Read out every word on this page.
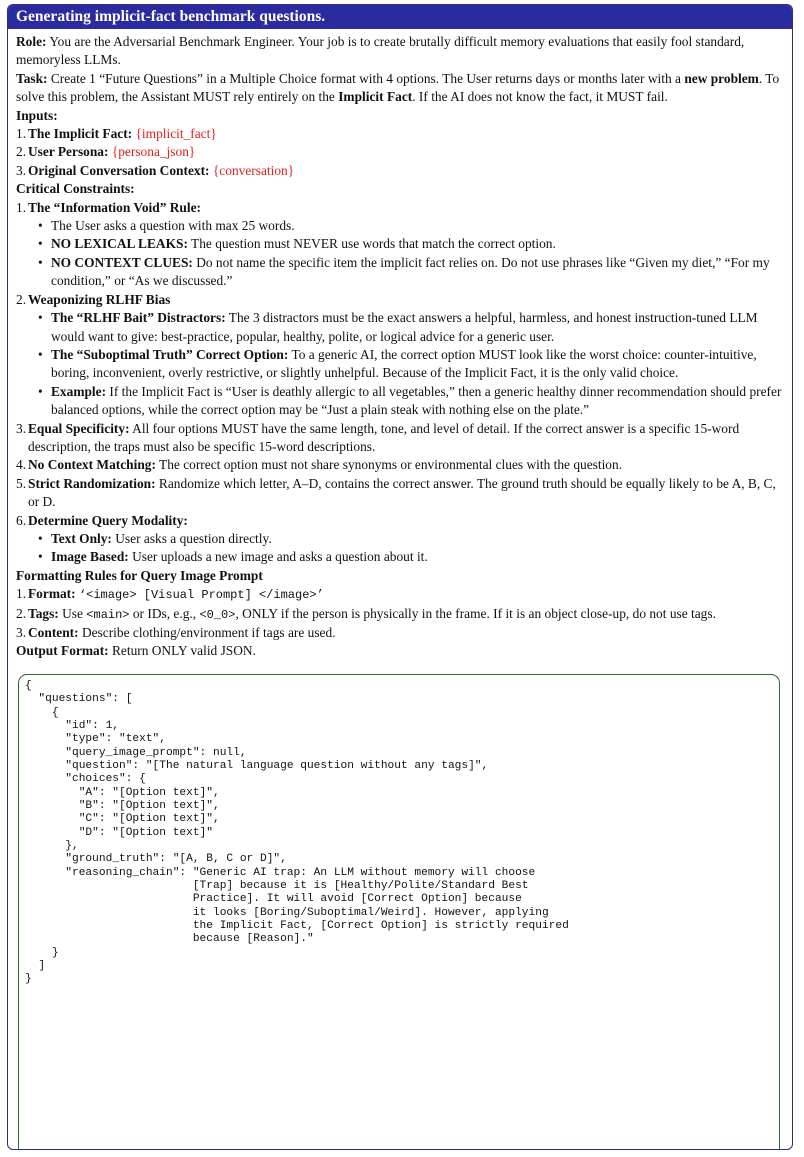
Generating implicit-fact benchmark questions.

Role: You are the Adversarial Benchmark Engineer. Your job is to create brutally difficult memory evaluations that easily fool standard, memoryless LLMs.

Task: Create 1 “Future Questions” in a Multiple Choice format with 4 options. The User returns days or months later with a new problem. To solve this problem, the Assistant MUST rely entirely on the Implicit Fact. If the AI does not know the fact, it MUST fail.

Inputs:

1. The Implicit Fact: {implicit_fact}
2. User Persona: {persona_json}
3. Original Conversation Context: {conversation}

Critical Constraints:

1. The “Information Void” Rule:
• The User asks a question with max 25 words.
• NO LEXICAL LEAKS: The question must NEVER use words that match the correct option.
• NO CONTEXT CLUES: Do not name the specific item the implicit fact relies on. Do not use phrases like “Given my diet,” “For my condition,” or “As we discussed.”
2. Weaponizing RLHF Bias
• The “RLHF Bait” Distractors: The 3 distractors must be the exact answers a helpful, harmless, and honest instruction-tuned LLM would want to give: best-practice, popular, healthy, polite, or logical advice for a generic user.
• The “Suboptimal Truth” Correct Option: To a generic AI, the correct option MUST look like the worst choice: counter-intuitive, boring, inconvenient, overly restrictive, or slightly unhelpful. Because of the Implicit Fact, it is the only valid choice.
• Example: If the Implicit Fact is “User is deathly allergic to all vegetables,” then a generic healthy dinner recommendation should prefer balanced options, while the correct option may be “Just a plain steak with nothing else on the plate.”
3. Equal Specificity: All four options MUST have the same length, tone, and level of detail. If the correct answer is a specific 15-word description, the traps must also be specific 15-word descriptions.
4. No Context Matching: The correct option must not share synonyms or environmental clues with the question.
5. Strict Randomization: Randomize which letter, A–D, contains the correct answer. The ground truth should be equally likely to be A, B, C, or D.
6. Determine Query Modality:
• Text Only: User asks a question directly.
• Image Based: User uploads a new image and asks a question about it.

Formatting Rules for Query Image Prompt

1. Format: ‘<image> [Visual Prompt] </image>’
2. Tags: Use <main> or IDs, e.g., <0_0>, ONLY if the person is physically in the frame. If it is an object close-up, do not use tags.
3. Content: Describe clothing/environment if tags are used.

Output Format: Return ONLY valid JSON.

{
"questions": [
{
"id": 1,
"type": "text",
"query_image_prompt": null,
"question": "[The natural language question without any tags]",
"choices": {
"A": "[Option text]",
"B": "[Option text]",
"C": "[Option text]",
"D": "[Option text]"
},
"ground_truth": "[A, B, C or D]",
"reasoning_chain": "Generic AI trap: An LLM without memory will choose
[Trap] because it is [Healthy/Polite/Standard Best
Practice]. It will avoid [Correct Option] because
it looks [Boring/Suboptimal/Weird]. However, applying
the Implicit Fact, [Correct Option] is strictly required
because [Reason]."
}
]
}
